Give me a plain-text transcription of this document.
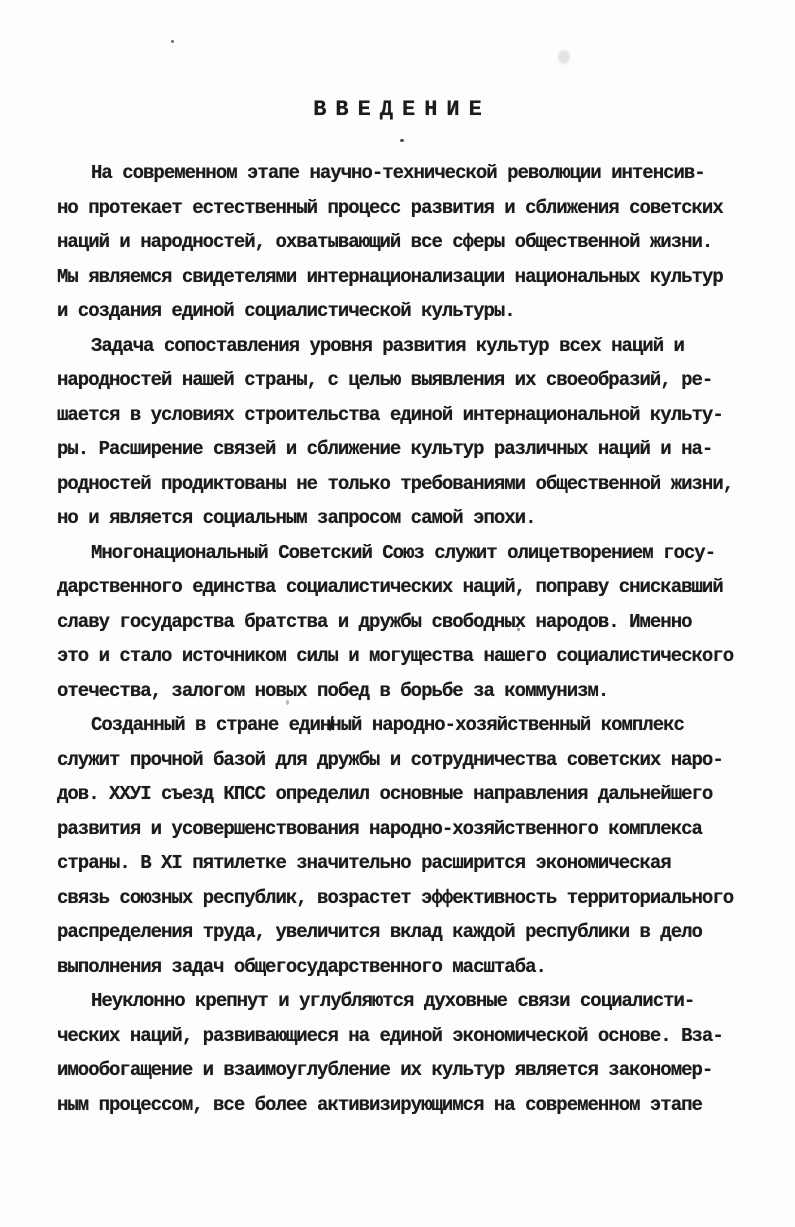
ВВЕДЕНИЕ
На современном этапе научно-технической революции интенсив-
но протекает естественный процесс развития и сближения советских
наций и народностей, охватывающий все сферы общественной жизни.
Мы являемся свидетелями интернационализации национальных культур
и создания единой социалистической культуры.
Задача сопоставления уровня развития культур всех наций и
народностей нашей страны, с целью выявления их своеобразий, ре-
шается в условиях строительства единой интернациональной культу-
ры. Расширение связей и сближение культур различных наций и на-
родностей продиктованы не только требованиями общественной жизни,
но и является социальным запросом самой эпохи.
Многонациональный Советский Союз служит олицетворением госу-
дарственного единства социалистических наций, поправу снискавший
славу государства братства и дружбы свободных народов. Именно
это и стало источником силы и могущества нашего социалистического
отечества, залогом новых побед в борьбе за коммунизм.
Созданный в стране един̸ный народно-хозяйственный комплекс
служит прочной базой для дружбы и сотрудничества советских наро-
дов. ХХУІ съезд КПСС определил основные направления дальнейшего
развития и усовершенствования народно-хозяйственного комплекса
страны. В XI пятилетке значительно расширится экономическая
связь союзных республик, возрастет эффективность территориального
распределения труда, увеличится вклад каждой республики в дело
выполнения задач общегосударственного масштаба.
Неуклонно крепнут и углубляются духовные связи социалисти-
ческих наций, развивающиеся на единой экономической основе. Вза-
имообогащение и взаимоуглубление их культур является закономер-
ным процессом, все более активизирующимся на современном этапе
